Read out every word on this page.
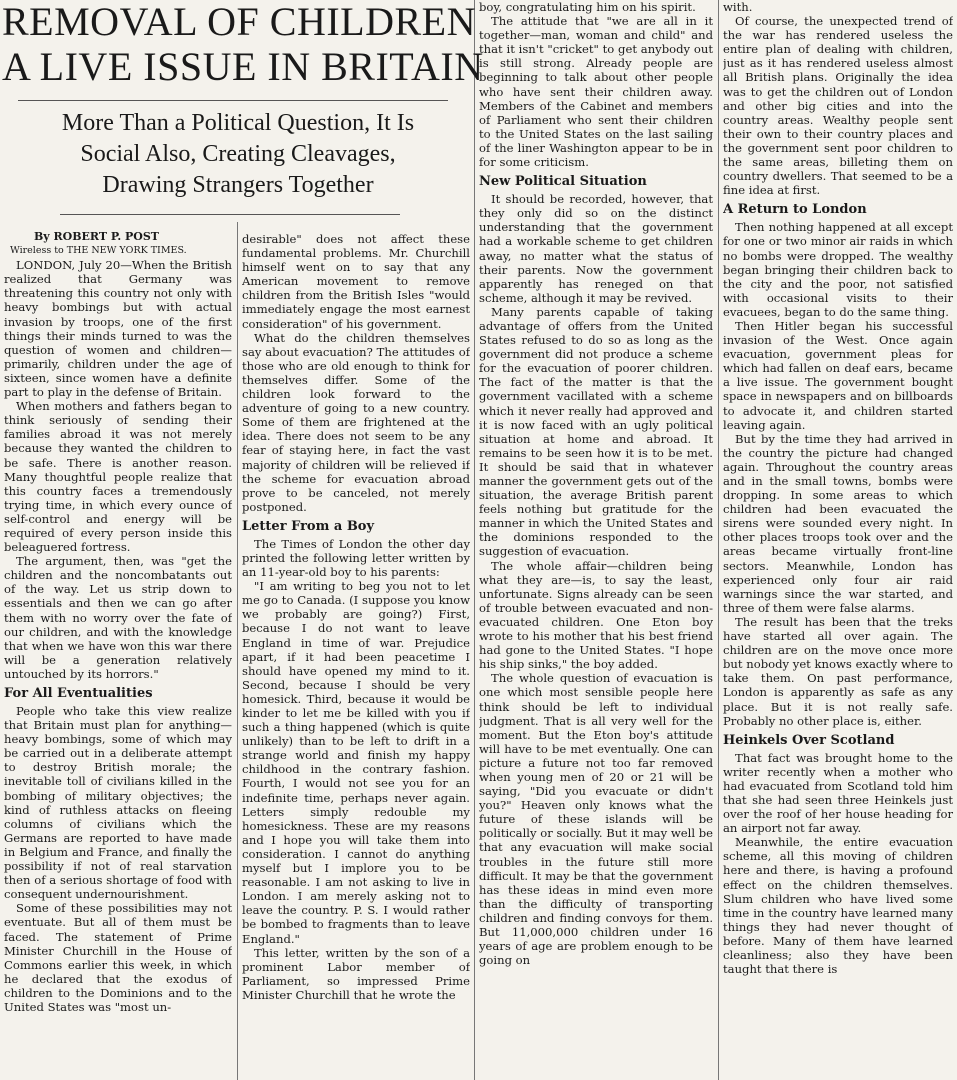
REMOVAL OF CHILDREN
A LIVE ISSUE IN BRITAIN
More Than a Political Question, It Is
Social Also, Creating Cleavages,
Drawing Strangers Together

By ROBERT P. POST

Wireless to THE NEW YORK TIMES.

LONDON, July 20—When the British realized that Germany was threatening this country not only with heavy bombings but with actual invasion by troops, one of the first things their minds turned to was the question of women and children—primarily, children under the age of sixteen, since women have a definite part to play in the defense of Britain.

When mothers and fathers began to think seriously of sending their families abroad it was not merely because they wanted the children to be safe. There is another reason. Many thoughtful people realize that this country faces a tremendously trying time, in which every ounce of self-control and energy will be required of every person inside this beleaguered fortress.

The argument, then, was "get the children and the noncombatants out of the way. Let us strip down to essentials and then we can go after them with no worry over the fate of our children, and with the knowledge that when we have won this war there will be a generation relatively untouched by its horrors."

For All Eventualities

People who take this view realize that Britain must plan for anything—heavy bombings, some of which may be carried out in a deliberate attempt to destroy British morale; the inevitable toll of civilians killed in the bombing of military objectives; the kind of ruthless attacks on fleeing columns of civilians which the Germans are reported to have made in Belgium and France, and finally the possibility if not of real starvation then of a serious shortage of food with consequent undernourishment.

Some of these possibilities may not eventuate. But all of them must be faced. The statement of Prime Minister Churchill in the House of Commons earlier this week, in which he declared that the exodus of children to the Dominions and to the United States was "most un-

desirable" does not affect these fundamental problems. Mr. Churchill himself went on to say that any American movement to remove children from the British Isles "would immediately engage the most earnest consideration" of his government.

What do the children themselves say about evacuation? The attitudes of those who are old enough to think for themselves differ. Some of the children look forward to the adventure of going to a new country. Some of them are frightened at the idea. There does not seem to be any fear of staying here, in fact the vast majority of children will be relieved if the scheme for evacuation abroad prove to be canceled, not merely postponed.

Letter From a Boy

The Times of London the other day printed the following letter written by an 11-year-old boy to his parents:

"I am writing to beg you not to let me go to Canada. (I suppose you know we probably are going?) First, because I do not want to leave England in time of war. Prejudice apart, if it had been peacetime I should have opened my mind to it. Second, because I should be very homesick. Third, because it would be kinder to let me be killed with you if such a thing happened (which is quite unlikely) than to be left to drift in a strange world and finish my happy childhood in the contrary fashion. Fourth, I would not see you for an indefinite time, perhaps never again. Letters simply redouble my homesickness. These are my reasons and I hope you will take them into consideration. I cannot do anything myself but I implore you to be reasonable. I am not asking to live in London. I am merely asking not to leave the country. P. S. I would rather be bombed to fragments than to leave England."

This letter, written by the son of a prominent Labor member of Parliament, so impressed Prime Minister Churchill that he wrote the

boy, congratulating him on his spirit.

The attitude that "we are all in it together—man, woman and child" and that it isn't "cricket" to get anybody out is still strong. Already people are beginning to talk about other people who have sent their children away. Members of the Cabinet and members of Parliament who sent their children to the United States on the last sailing of the liner Washington appear to be in for some criticism.

New Political Situation

It should be recorded, however, that they only did so on the distinct understanding that the government had a workable scheme to get children away, no matter what the status of their parents. Now the government apparently has reneged on that scheme, although it may be revived.

Many parents capable of taking advantage of offers from the United States refused to do so as long as the government did not produce a scheme for the evacuation of poorer children. The fact of the matter is that the government vacillated with a scheme which it never really had approved and it is now faced with an ugly political situation at home and abroad. It remains to be seen how it is to be met. It should be said that in whatever manner the government gets out of the situation, the average British parent feels nothing but gratitude for the manner in which the United States and the dominions responded to the suggestion of evacuation.

The whole affair—children being what they are—is, to say the least, unfortunate. Signs already can be seen of trouble between evacuated and non-evacuated children. One Eton boy wrote to his mother that his best friend had gone to the United States. "I hope his ship sinks," the boy added.

The whole question of evacuation is one which most sensible people here think should be left to individual judgment. That is all very well for the moment. But the Eton boy's attitude will have to be met eventually. One can picture a future not too far removed when young men of 20 or 21 will be saying, "Did you evacuate or didn't you?" Heaven only knows what the future of these islands will be politically or socially. But it may well be that any evacuation will make social troubles in the future still more difficult. It may be that the government has these ideas in mind even more than the difficulty of transporting children and finding convoys for them. But 11,000,000 children under 16 years of age are problem enough to be going on

with.

Of course, the unexpected trend of the war has rendered useless the entire plan of dealing with children, just as it has rendered useless almost all British plans. Originally the idea was to get the children out of London and other big cities and into the country areas. Wealthy people sent their own to their country places and the government sent poor children to the same areas, billeting them on country dwellers. That seemed to be a fine idea at first.

A Return to London

Then nothing happened at all except for one or two minor air raids in which no bombs were dropped. The wealthy began bringing their children back to the city and the poor, not satisfied with occasional visits to their evacuees, began to do the same thing.

Then Hitler began his successful invasion of the West. Once again evacuation, government pleas for which had fallen on deaf ears, became a live issue. The government bought space in newspapers and on billboards to advocate it, and children started leaving again.

But by the time they had arrived in the country the picture had changed again. Throughout the country areas and in the small towns, bombs were dropping. In some areas to which children had been evacuated the sirens were sounded every night. In other places troops took over and the areas became virtually front-line sectors. Meanwhile, London has experienced only four air raid warnings since the war started, and three of them were false alarms.

The result has been that the treks have started all over again. The children are on the move once more but nobody yet knows exactly where to take them. On past performance, London is apparently as safe as any place. But it is not really safe. Probably no other place is, either.

Heinkels Over Scotland

That fact was brought home to the writer recently when a mother who had evacuated from Scotland told him that she had seen three Heinkels just over the roof of her house heading for an airport not far away.

Meanwhile, the entire evacuation scheme, all this moving of children here and there, is having a profound effect on the children themselves. Slum children who have lived some time in the country have learned many things they had never thought of before. Many of them have learned cleanliness; also they have been taught that there is
